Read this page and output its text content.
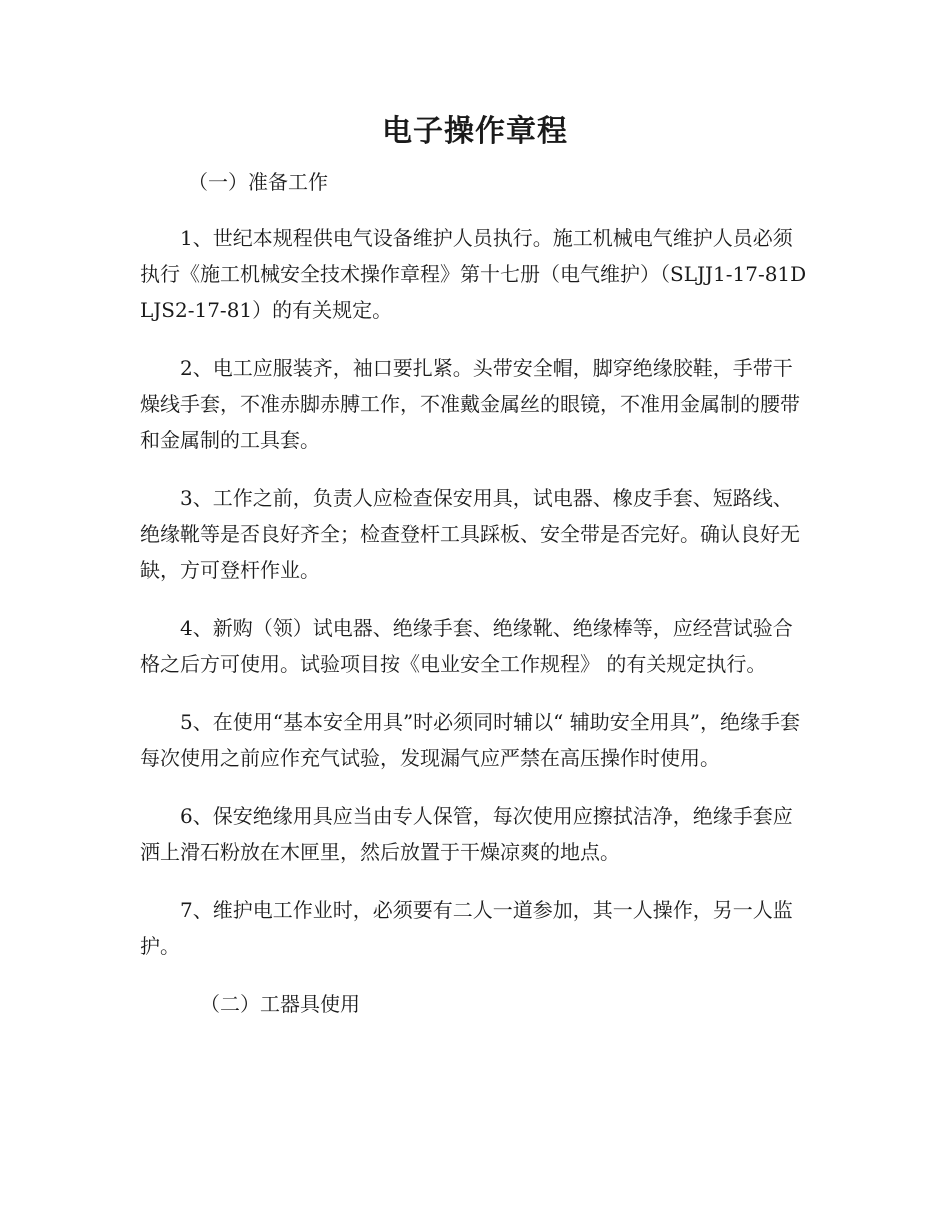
电子操作章程
（一）准备工作

1、世纪本规程供电气设备维护人员执行。施工机械电气维护人员必须执行《施工机械安全技术操作章程》第十七册（电气维护）（SLJJ1-17-81DLJS2-17-81）的有关规定。

2、电工应服装齐，袖口要扎紧。头带安全帽，脚穿绝缘胶鞋，手带干燥线手套，不准赤脚赤膊工作，不准戴金属丝的眼镜，不准用金属制的腰带和金属制的工具套。

3、工作之前，负责人应检查保安用具，试电器、橡皮手套、短路线、绝缘靴等是否良好齐全；检查登杆工具踩板、安全带是否完好。确认良好无缺，方可登杆作业。

4、新购（领）试电器、绝缘手套、绝缘靴、绝缘棒等，应经营试验合格之后方可使用。试验项目按《电业安全工作规程》 的有关规定执行。

5、在使用“基本安全用具”时必须同时辅以“ 辅助安全用具”，绝缘手套每次使用之前应作充气试验，发现漏气应严禁在高压操作时使用。

6、保安绝缘用具应当由专人保管，每次使用应擦拭洁净，绝缘手套应洒上滑石粉放在木匣里，然后放置于干燥凉爽的地点。

7、维护电工作业时，必须要有二人一道参加，其一人操作，另一人监护。

（二）工器具使用
